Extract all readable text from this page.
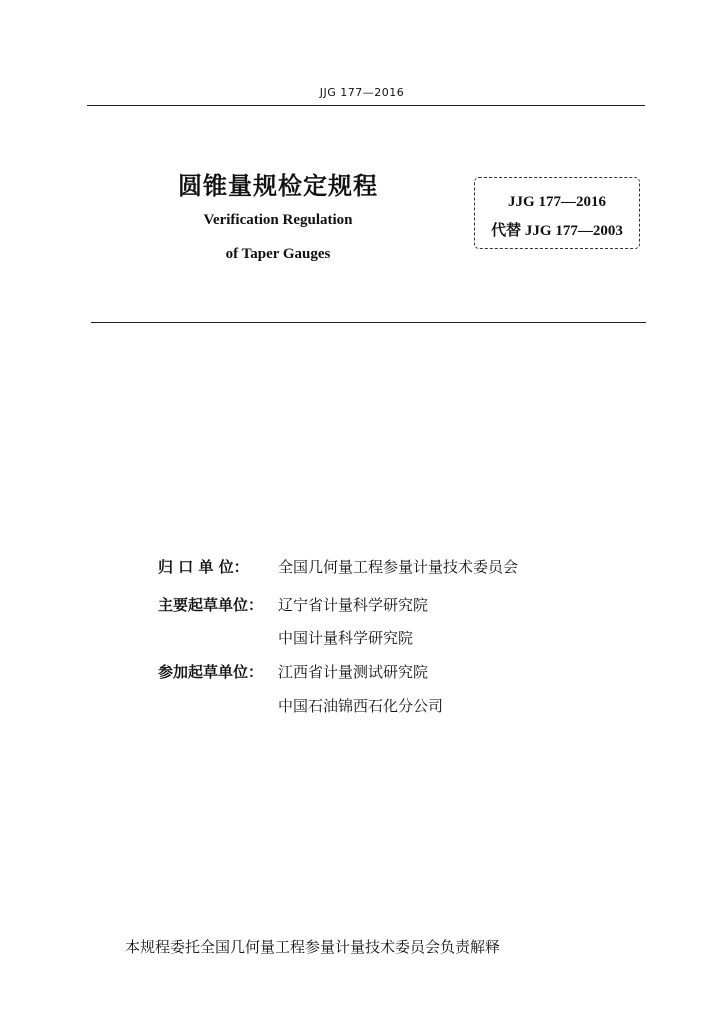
JJG 177—2016
圆锥量规检定规程
Verification Regulation
of Taper Gauges
JJG 177—2016
代替 JJG 177—2003
归 口 单 位： 全国几何量工程参量计量技术委员会
主要起草单位： 辽宁省计量科学研究院
中国计量科学研究院
参加起草单位： 江西省计量测试研究院
中国石油锦西石化分公司
本规程委托全国几何量工程参量计量技术委员会负责解释
